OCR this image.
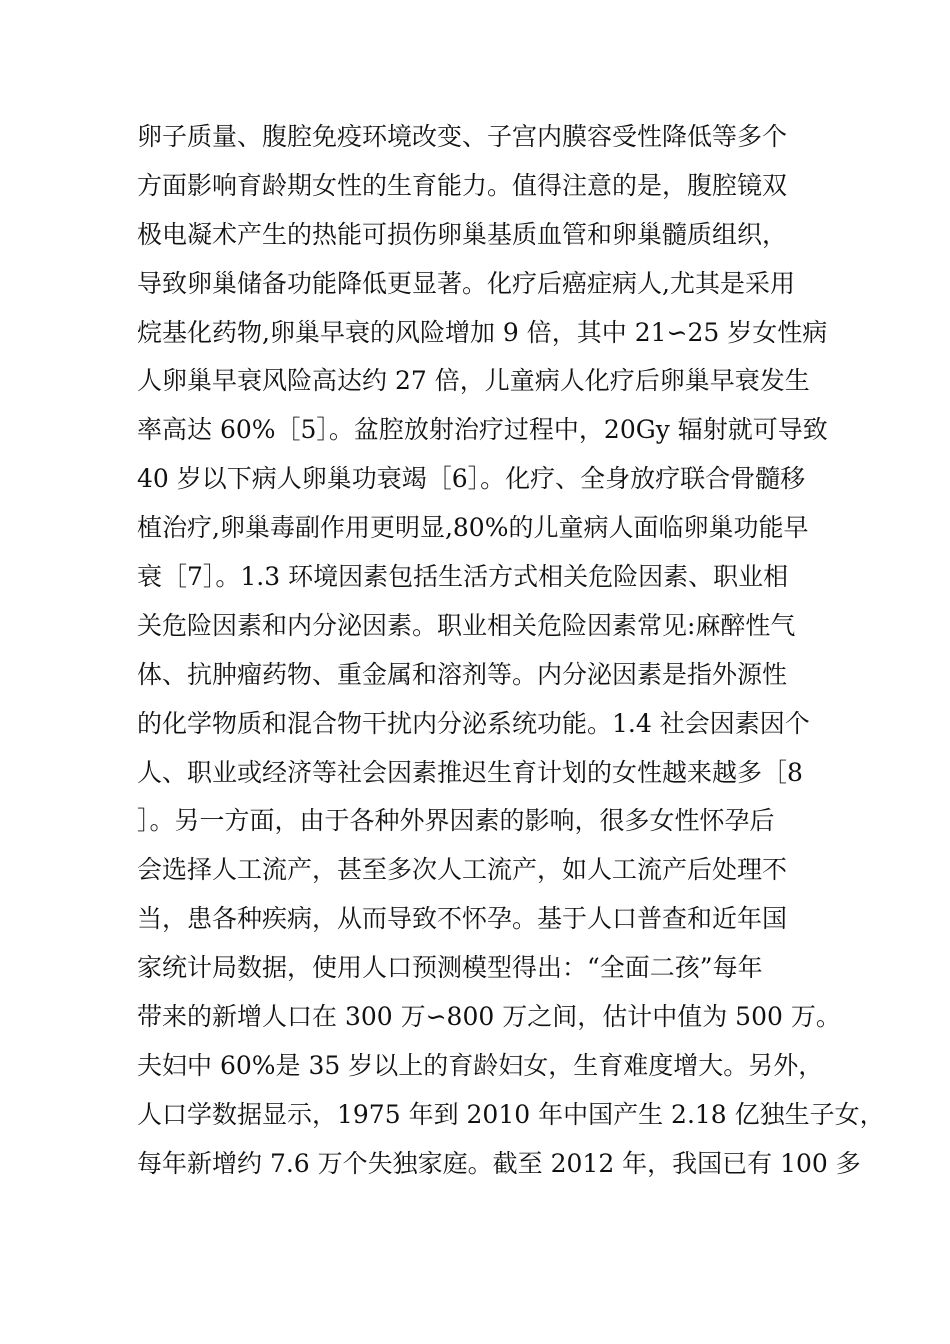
卵子质量、腹腔免疫环境改变、子宫内膜容受性降低等多个
方面影响育龄期女性的生育能力。值得注意的是，腹腔镜双
极电凝术产生的热能可损伤卵巢基质血管和卵巢髓质组织，
导致卵巢储备功能降低更显著。化疗后癌症病人,尤其是采用
烷基化药物,卵巢早衰的风险增加 9 倍，其中 21∽25 岁女性病
人卵巢早衰风险高达约 27 倍，儿童病人化疗后卵巢早衰发生
率高达 60%［5］。盆腔放射治疗过程中，20Gy 辐射就可导致
40 岁以下病人卵巢功衰竭［6］。化疗、全身放疗联合骨髓移
植治疗,卵巢毒副作用更明显,80%的儿童病人面临卵巢功能早
衰［7］。1.3 环境因素包括生活方式相关危险因素、职业相
关危险因素和内分泌因素。职业相关危险因素常见:麻醉性气
体、抗肿瘤药物、重金属和溶剂等。内分泌因素是指外源性
的化学物质和混合物干扰内分泌系统功能。1.4 社会因素因个
人、职业或经济等社会因素推迟生育计划的女性越来越多［8
］。另一方面，由于各种外界因素的影响，很多女性怀孕后
会选择人工流产，甚至多次人工流产，如人工流产后处理不
当，患各种疾病，从而导致不怀孕。基于人口普查和近年国
家统计局数据，使用人口预测模型得出：“全面二孩”每年
带来的新增人口在 300 万∽800 万之间，估计中值为 500 万。
夫妇中 60%是 35 岁以上的育龄妇女，生育难度增大。另外，
人口学数据显示，1975 年到 2010 年中国产生 2.18 亿独生子女，
每年新增约 7.6 万个失独家庭。截至 2012 年，我国已有 100 多
